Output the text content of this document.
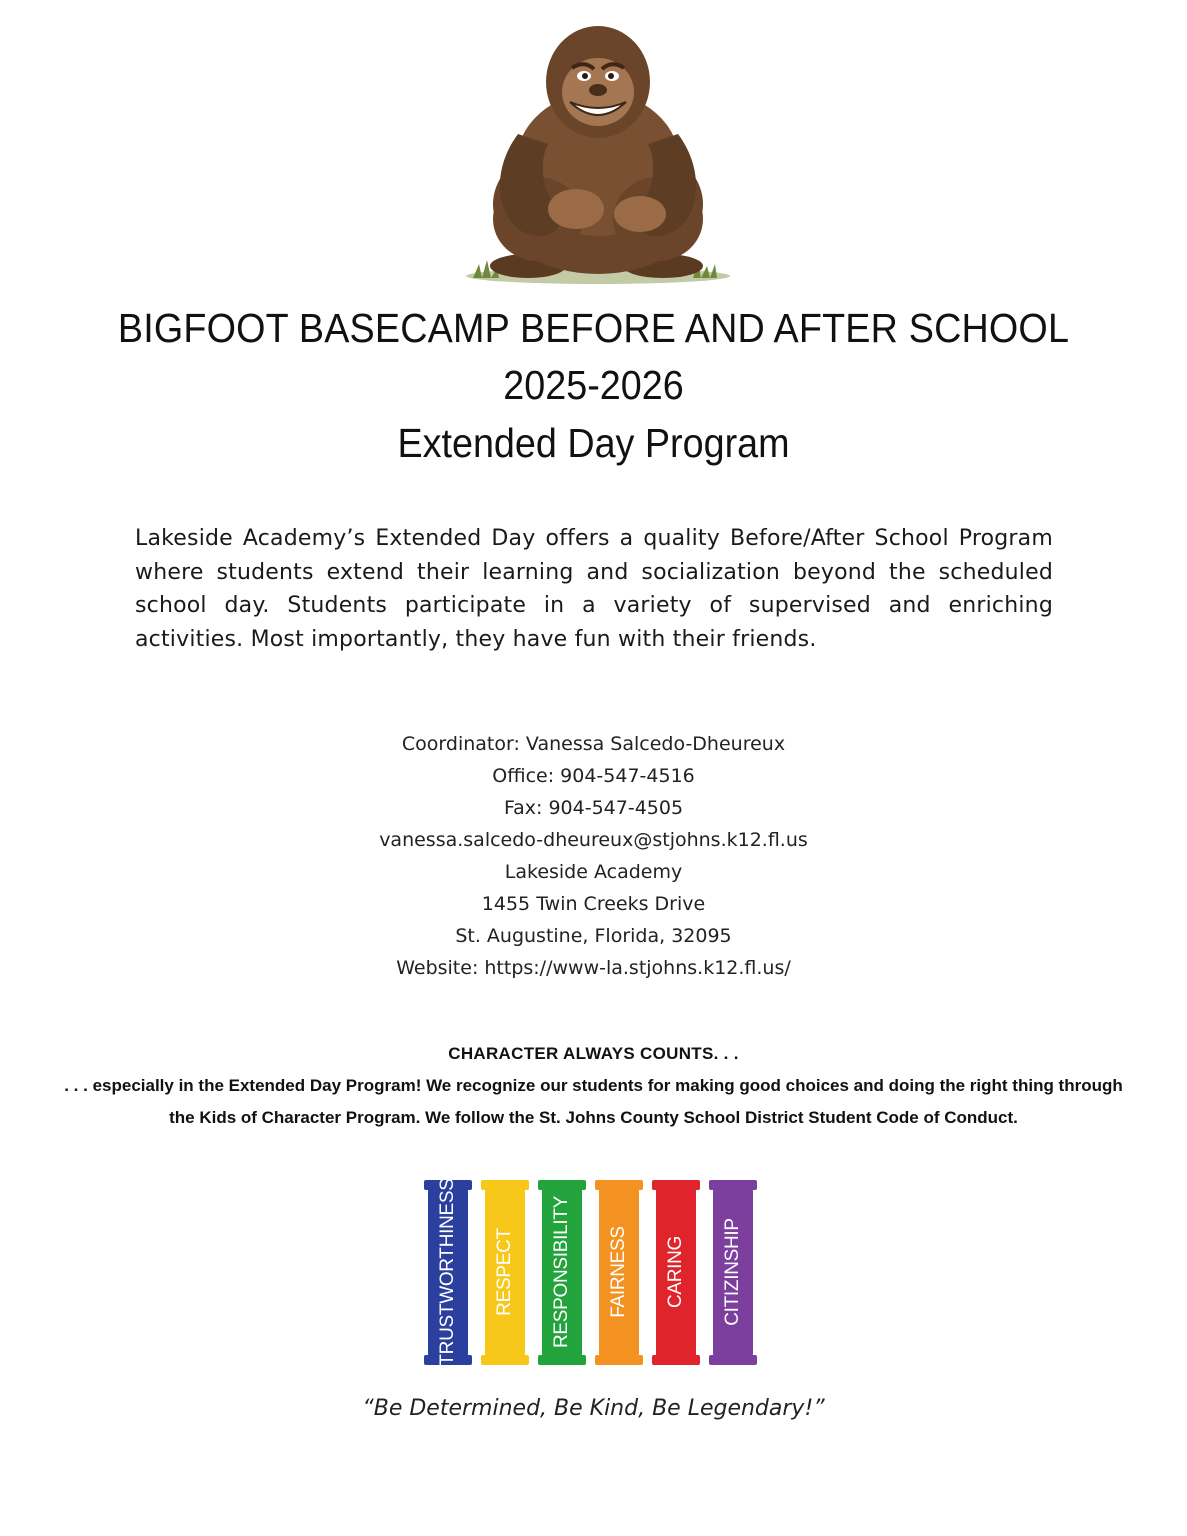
BIGFOOT BASECAMP BEFORE AND AFTER SCHOOL
2025-2026
Extended Day Program
Lakeside Academy’s Extended Day offers a quality Before/After School Program where students extend their learning and socialization beyond the scheduled school day. Students participate in a variety of supervised and enriching activities. Most importantly, they have fun with their friends.
Coordinator: Vanessa Salcedo-Dheureux
Office: 904-547-4516
Fax: 904-547-4505
vanessa.salcedo-dheureux@stjohns.k12.fl.us
Lakeside Academy
1455 Twin Creeks Drive
St. Augustine, Florida, 32095
Website: https://www-la.stjohns.k12.fl.us/
CHARACTER ALWAYS COUNTS. . .
. . . especially in the Extended Day Program! We recognize our students for making good choices and doing the right thing through the Kids of Character Program. We follow the St. Johns County School District Student Code of Conduct.
TRUSTWORTHINESS RESPECT RESPONSIBILITY FAIRNESS CARING CITIZINSHIP
“Be Determined, Be Kind, Be Legendary!”
